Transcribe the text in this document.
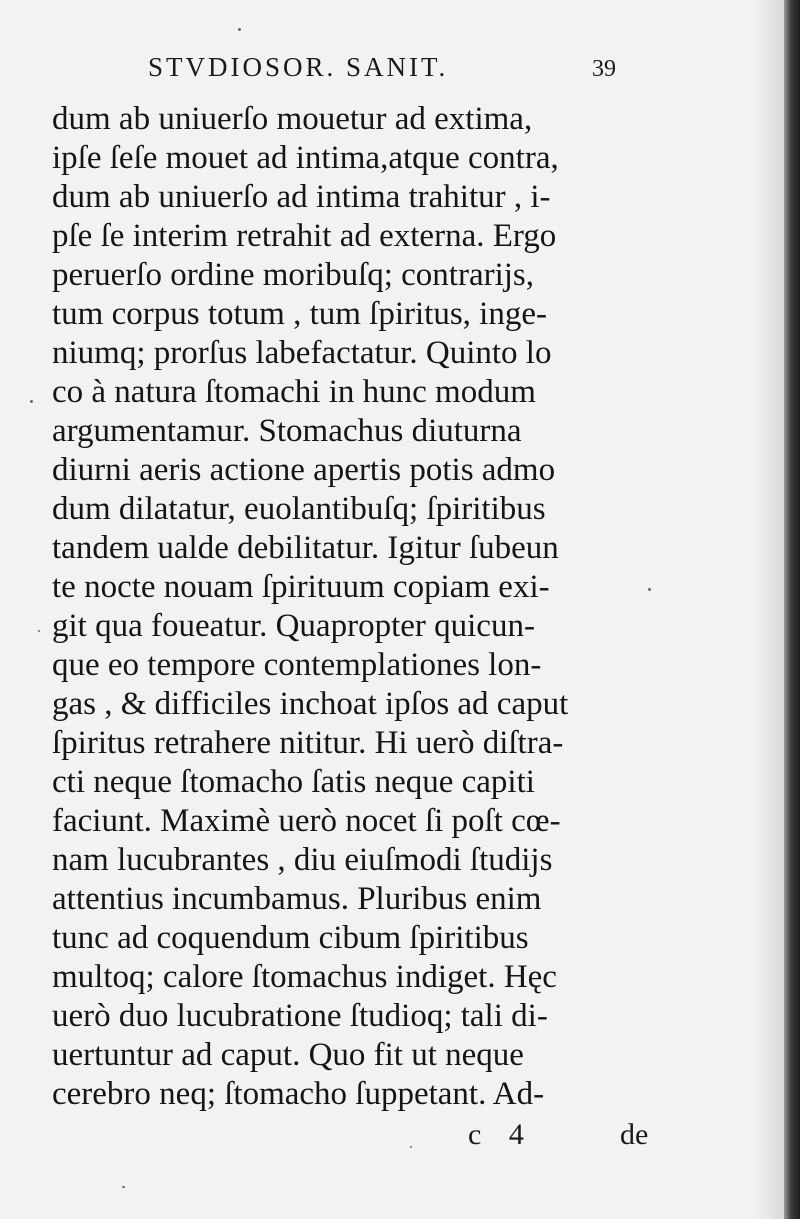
STVDIOSOR. SANIT.	39
dum ab uniuerſo mouetur ad extima,
ipſe ſeſe mouet ad intima,atque contra,
dum ab uniuerſo ad intima trahitur , i-
pſe ſe interim retrahit ad externa. Ergo
peruerſo ordine moribuſq; contrarijs,
tum corpus totum , tum ſpiritus, inge-
niumq; prorſus labefactatur. Quinto lo
co à natura ſtomachi in hunc modum
argumentamur. Stomachus diuturna
diurni aeris actione apertis potis admo
dum dilatatur, euolantibuſq; ſpiritibus
tandem ualde debilitatur. Igitur ſubeun
te nocte nouam ſpirituum copiam exi-
git qua foueatur. Quapropter quicun-
que eo tempore contemplationes lon-
gas , & difficiles inchoat ipſos ad caput
ſpiritus retrahere nititur. Hi uerò diſtra-
cti neque ſtomacho ſatis neque capiti
faciunt. Maximè uerò nocet ſi poſt cœ-
nam lucubrantes , diu eiuſmodi ſtudijs
attentius incumbamus. Pluribus enim
tunc ad coquendum cibum ſpiritibus
multoq; calore ſtomachus indiget. Hęc
uerò duo lucubratione ſtudioq; tali di-
uertuntur ad caput. Quo fit ut neque
cerebro neq; ſtomacho ſuppetant. Ad-
c 4	de
